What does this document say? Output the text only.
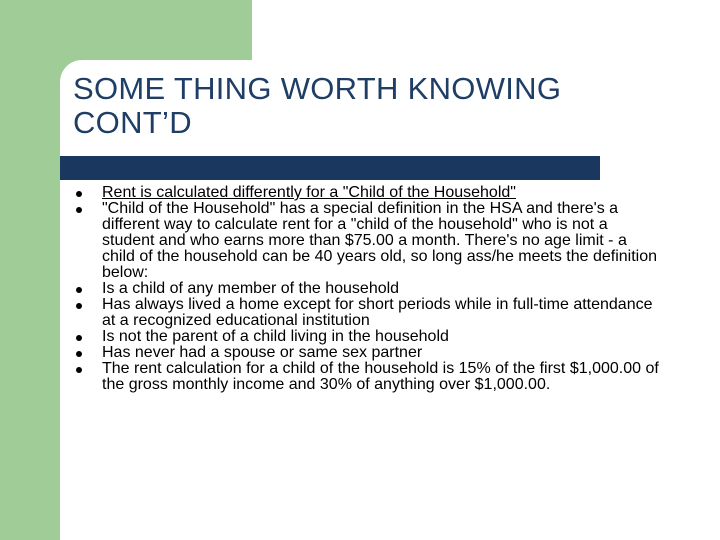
SOME THING WORTH KNOWING
CONT’D
Rent is calculated differently for a "Child of the Household"
"Child of the Household" has a special definition in the HSA and there's a different way to calculate rent for a "child of the household" who is not a student and who earns more than $75.00 a month. There's no age limit - a child of the household can be 40 years old, so long ass/he meets the definition below:
Is a child of any member of the household
Has always lived a home except for short periods while in full-time attendance at a recognized educational institution
Is not the parent of a child living in the household
Has never had a spouse or same sex partner
The rent calculation for a child of the household is 15% of the first $1,000.00 of the gross monthly income and 30% of anything over $1,000.00.
